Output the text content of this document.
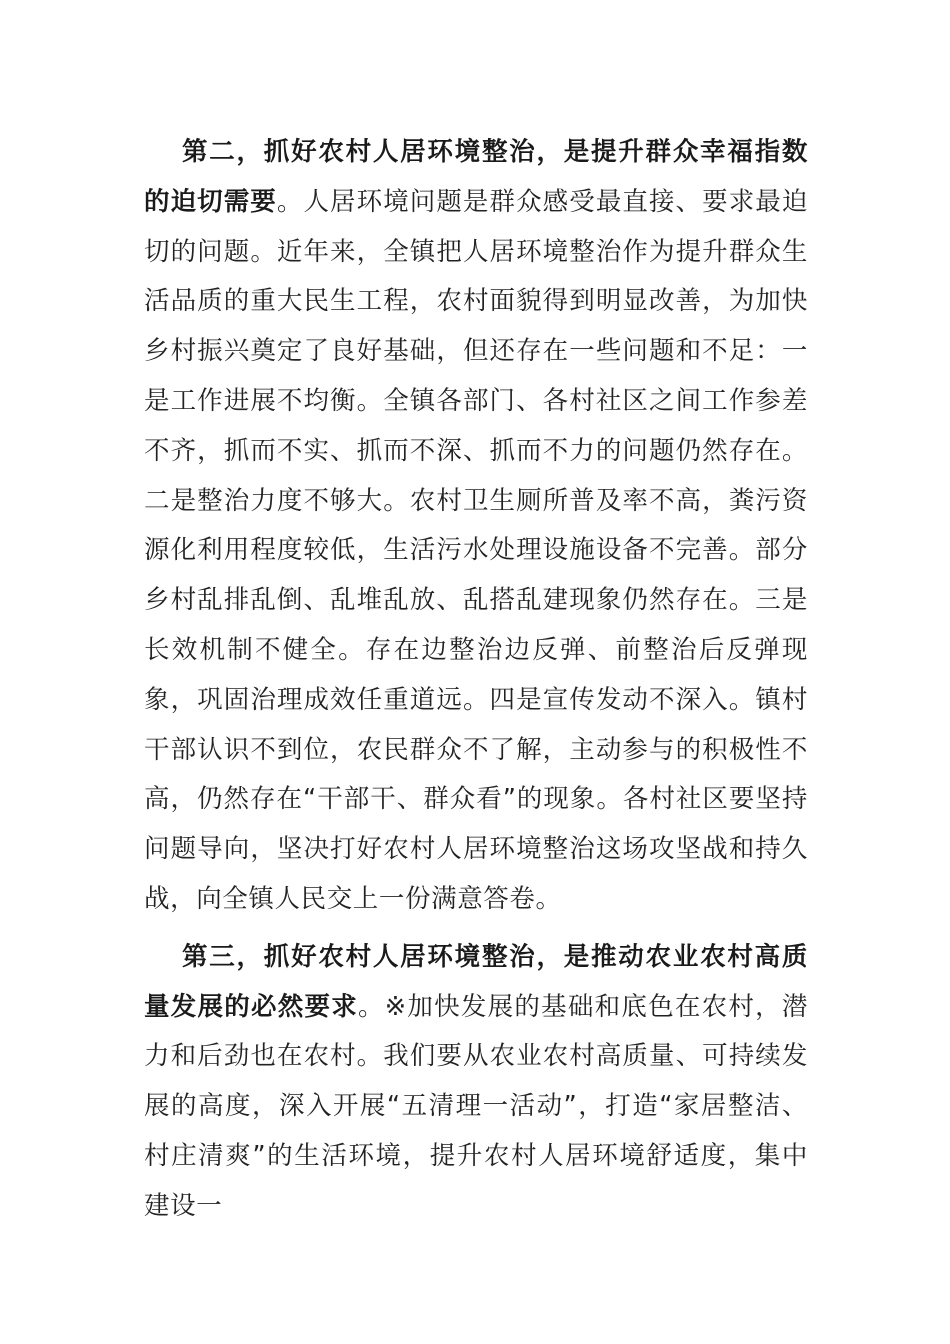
第二，抓好农村人居环境整治，是提升群众幸福指数的迫切需要。人居环境问题是群众感受最直接、要求最迫切的问题。近年来，全镇把人居环境整治作为提升群众生活品质的重大民生工程，农村面貌得到明显改善，为加快乡村振兴奠定了良好基础，但还存在一些问题和不足：一是工作进展不均衡。全镇各部门、各村社区之间工作参差不齐，抓而不实、抓而不深、抓而不力的问题仍然存在。二是整治力度不够大。农村卫生厕所普及率不高，粪污资源化利用程度较低，生活污水处理设施设备不完善。部分乡村乱排乱倒、乱堆乱放、乱搭乱建现象仍然存在。三是长效机制不健全。存在边整治边反弹、前整治后反弹现象，巩固治理成效任重道远。四是宣传发动不深入。镇村干部认识不到位，农民群众不了解，主动参与的积极性不高，仍然存在“干部干、群众看”的现象。各村社区要坚持问题导向，坚决打好农村人居环境整治这场攻坚战和持久战，向全镇人民交上一份满意答卷。

第三，抓好农村人居环境整治，是推动农业农村高质量发展的必然要求。※加快发展的基础和底色在农村，潜力和后劲也在农村。我们要从农业农村高质量、可持续发展的高度，深入开展“五清理一活动”，打造“家居整洁、村庄清爽”的生活环境，提升农村人居环境舒适度，集中建设一
